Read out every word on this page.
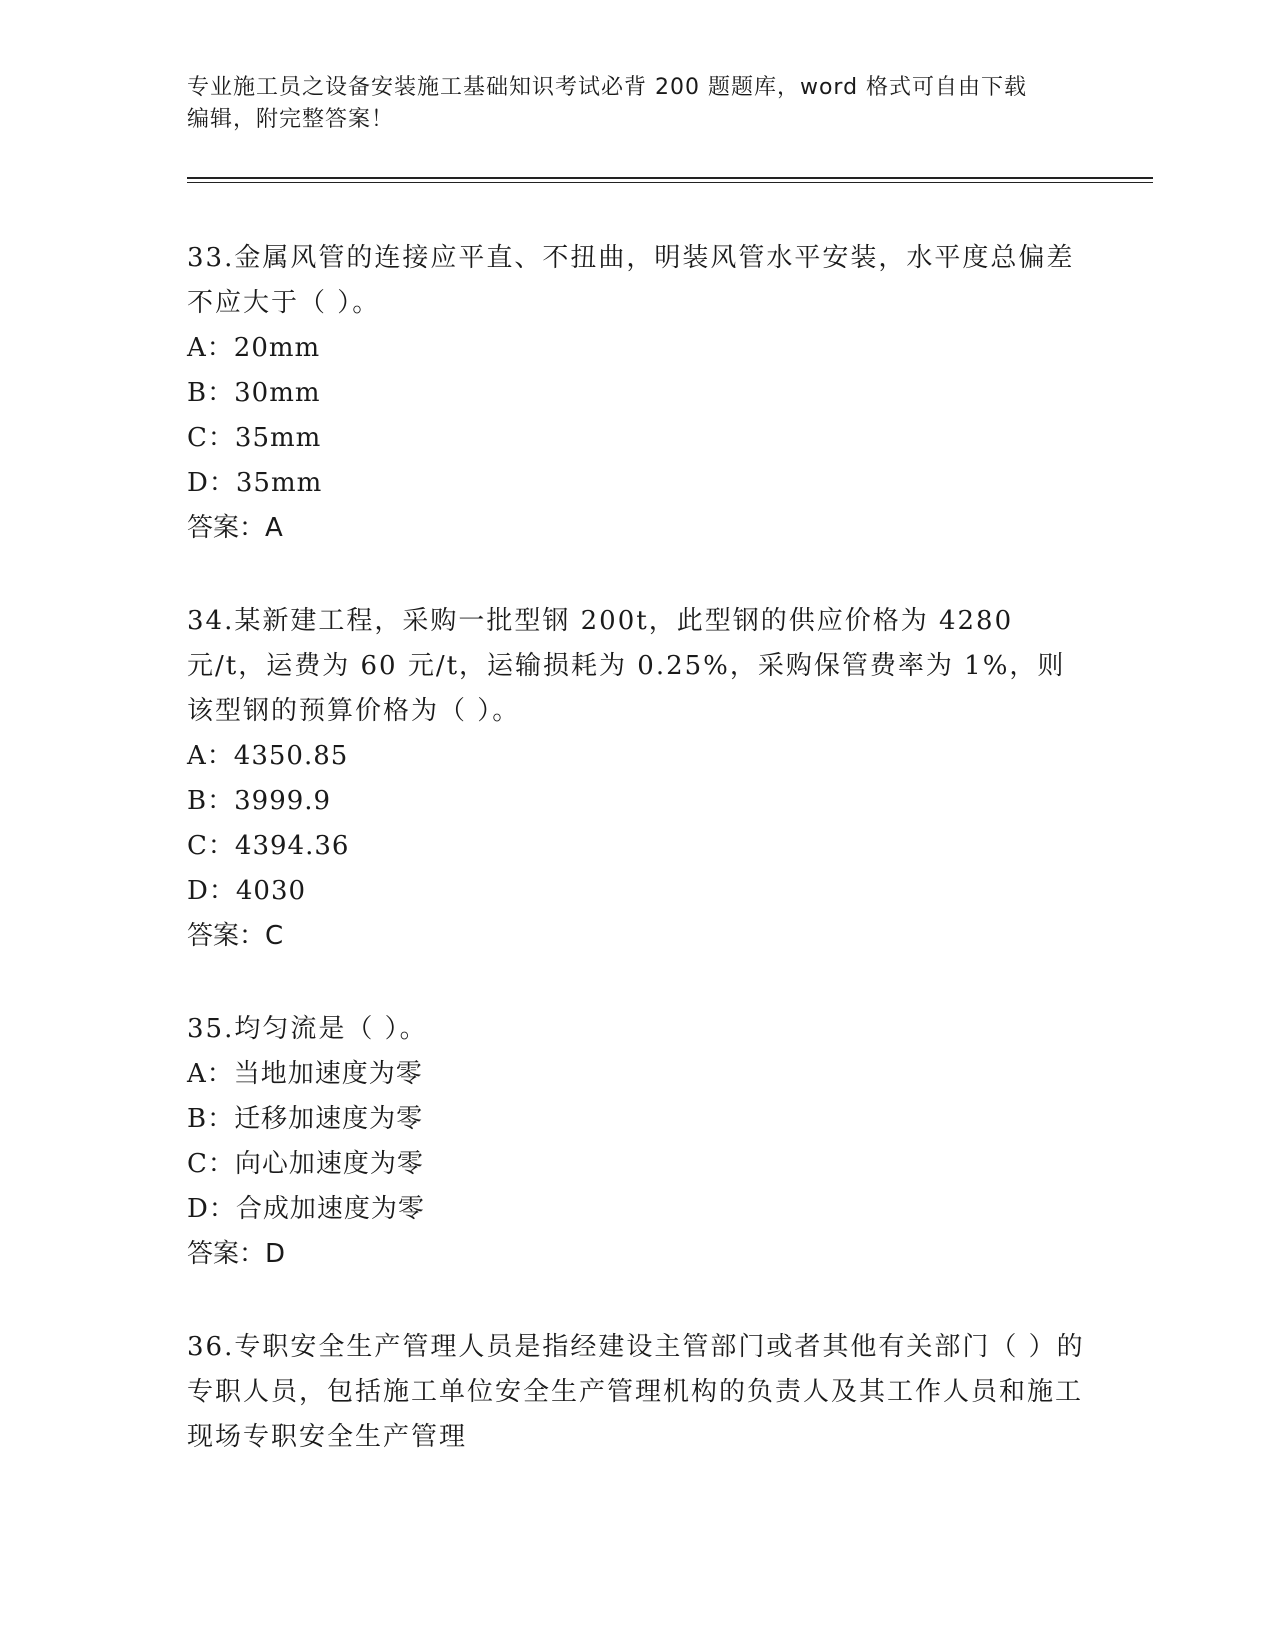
专业施工员之设备安装施工基础知识考试必背 200 题题库，word 格式可自由下载
编辑，附完整答案！

33.金属风管的连接应平直、不扭曲，明装风管水平安装，水平度总偏差不应大于（ ）。

A：20mm

B：30mm

C：35mm

D：35mm

答案：A

34.某新建工程，采购一批型钢 200t，此型钢的供应价格为 4280 元/t，运费为 60 元/t，运输损耗为 0.25%，采购保管费率为 1%，则该型钢的预算价格为（ ）。

A：4350.85

B：3999.9

C：4394.36

D：4030

答案：C

35.均匀流是（ ）。

A：当地加速度为零

B：迁移加速度为零

C：向心加速度为零

D：合成加速度为零

答案：D

36.专职安全生产管理人员是指经建设主管部门或者其他有关部门（ ）的专职人员，包括施工单位安全生产管理机构的负责人及其工作人员和施工现场专职安全生产管理
